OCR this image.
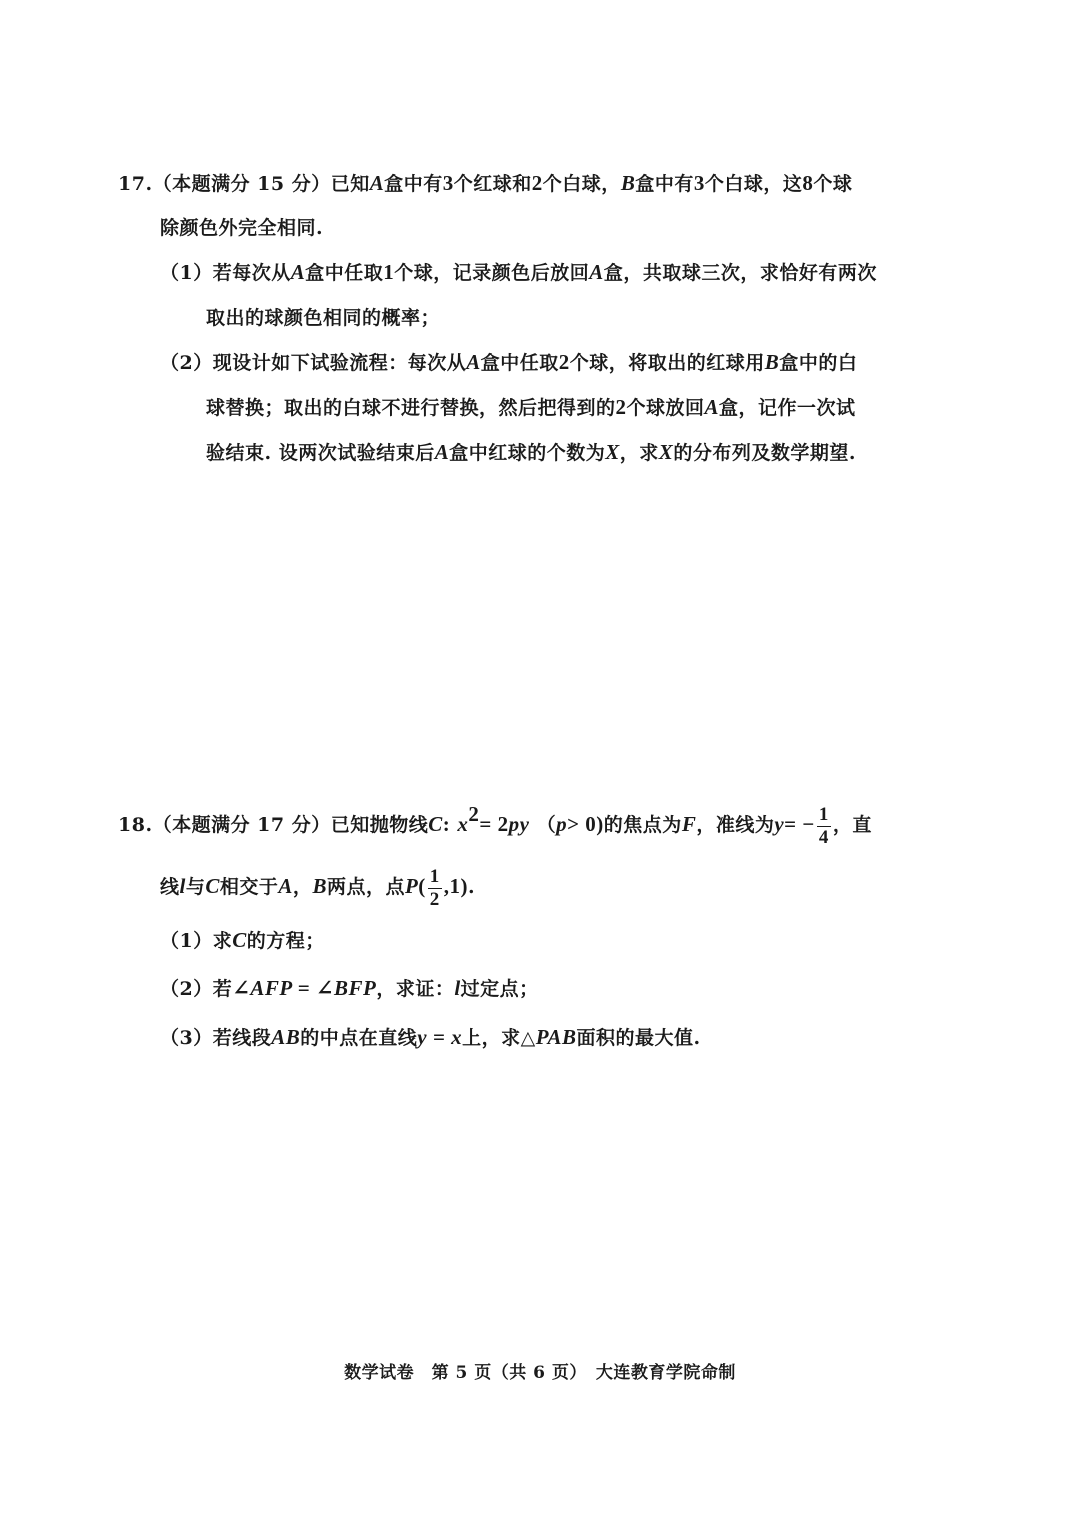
17.（本题满分 15 分）已知A盒中有3个红球和2个白球，B盒中有3个白球，这8个球
除颜色外完全相同.
（1）若每次从A盒中任取1个球，记录颜色后放回A盒，共取球三次，求恰好有两次
取出的球颜色相同的概率；
（2）现设计如下试验流程：每次从A盒中任取2个球，将取出的红球用B盒中的白
球替换；取出的白球不进行替换，然后把得到的2个球放回A盒，记作一次试
验结束. 设两次试验结束后A盒中红球的个数为X，求X的分布列及数学期望.
18.（本题满分 17 分）已知抛物线C: $x^2= 2py$ （p> 0)的焦点为F，准线为$y= - \frac{1}{4}$ ，直
线l与C相交于A，B两点，点$P( \frac{1}{2} ,1)$.
（1）求C的方程；
（2）若∠AFP = ∠BFP，求证：l过定点；
（3）若线段AB的中点在直线y = x上，求△PAB面积的最大值.
数学试卷　第 5 页（共 6 页）　大连教育学院命制
